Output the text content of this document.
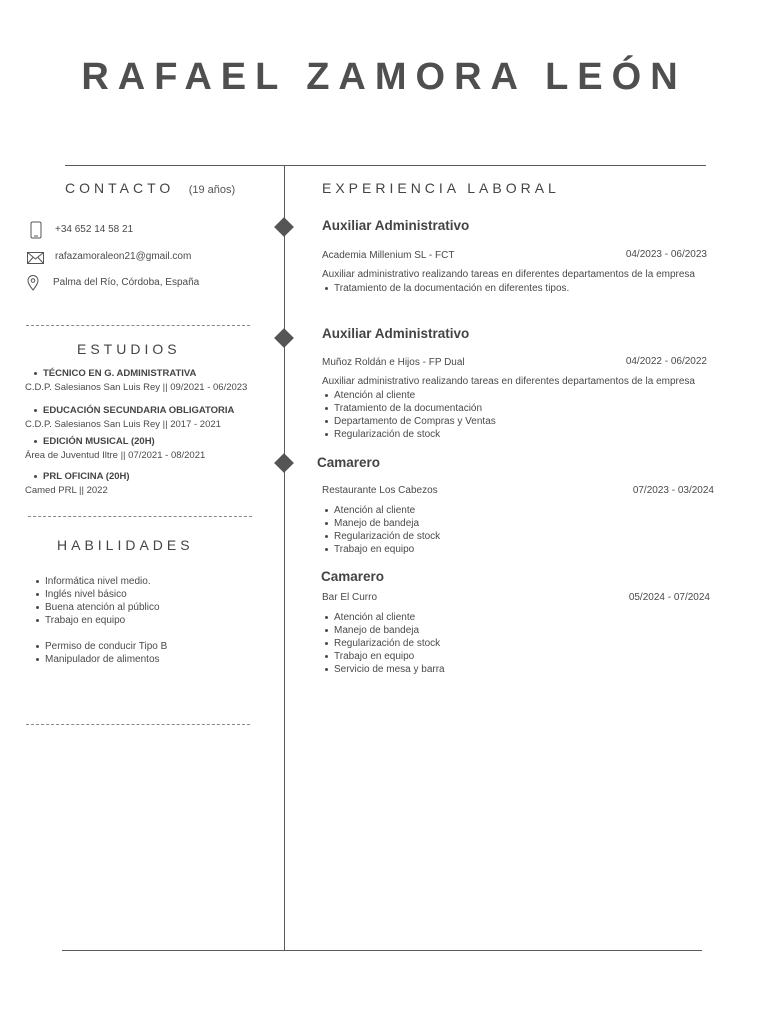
RAFAEL ZAMORA LEÓN
CONTACTO (19 años)
+34 652 14 58 21
rafazamoraleon21@gmail.com
Palma del Río, Córdoba, España
ESTUDIOS
TÉCNICO EN G. ADMINISTRATIVA
C.D.P. Salesianos San Luis Rey || 09/2021 - 06/2023
EDUCACIÓN SECUNDARIA OBLIGATORIA
C.D.P. Salesianos San Luis Rey || 2017 - 2021
EDICIÓN MUSICAL (20H)
Área de Juventud Iltre || 07/2021 - 08/2021
PRL OFICINA (20H)
Camed PRL || 2022
HABILIDADES
Informática nivel medio.
Inglés nivel básico
Buena atención al público
Trabajo en equipo
Permiso de conducir Tipo B
Manipulador de alimentos
EXPERIENCIA LABORAL
Auxiliar Administrativo
Academia Millenium SL - FCT	04/2023 - 06/2023
Auxiliar administrativo realizando tareas en diferentes departamentos de la empresa
Tratamiento de la documentación en diferentes tipos.
Auxiliar Administrativo
Muñoz Roldán e Hijos - FP Dual	04/2022 - 06/2022
Auxiliar administrativo realizando tareas en diferentes departamentos de la empresa
Atención al cliente
Tratamiento de la documentación
Departamento de Compras y Ventas
Regularización de stock
Camarero
Restaurante Los Cabezos	07/2023 - 03/2024
Atención al cliente
Manejo de bandeja
Regularización de stock
Trabajo en equipo
Camarero
Bar El Curro	05/2024 - 07/2024
Atención al cliente
Manejo de bandeja
Regularización de stock
Trabajo en equipo
Servicio de mesa y barra
